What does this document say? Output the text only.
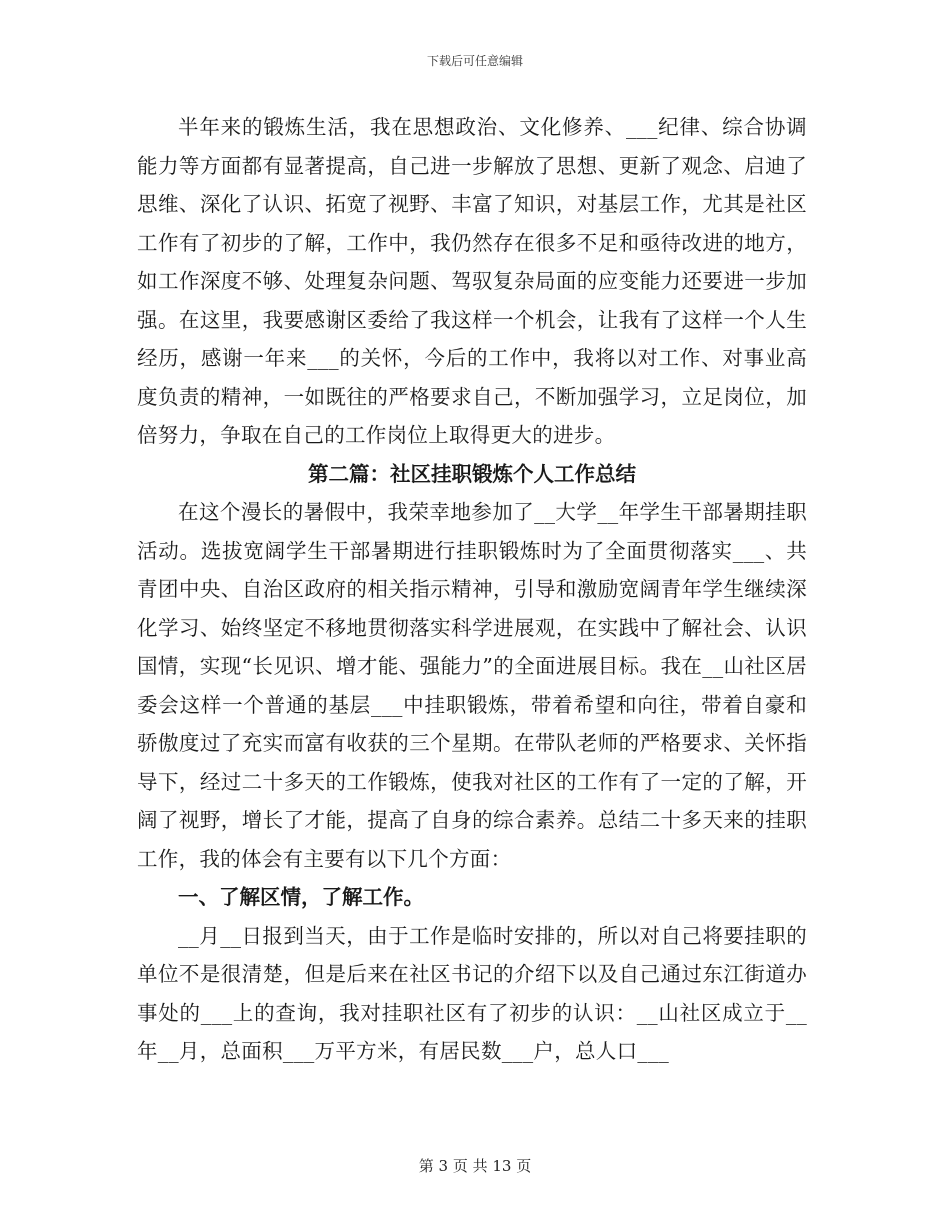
下载后可任意编辑

半年来的锻炼生活，我在思想政治、文化修养、___纪律、综合协调能力等方面都有显著提高，自己进一步解放了思想、更新了观念、启迪了思维、深化了认识、拓宽了视野、丰富了知识，对基层工作，尤其是社区工作有了初步的了解，工作中，我仍然存在很多不足和亟待改进的地方，如工作深度不够、处理复杂问题、驾驭复杂局面的应变能力还要进一步加强。在这里，我要感谢区委给了我这样一个机会，让我有了这样一个人生经历，感谢一年来___的关怀，今后的工作中，我将以对工作、对事业高度负责的精神，一如既往的严格要求自己，不断加强学习，立足岗位，加倍努力，争取在自己的工作岗位上取得更大的进步。

第二篇：社区挂职锻炼个人工作总结

在这个漫长的暑假中，我荣幸地参加了__大学__年学生干部暑期挂职活动。选拔宽阔学生干部暑期进行挂职锻炼时为了全面贯彻落实___、共青团中央、自治区政府的相关指示精神，引导和激励宽阔青年学生继续深化学习、始终坚定不移地贯彻落实科学进展观，在实践中了解社会、认识国情，实现“长见识、增才能、强能力”的全面进展目标。我在__山社区居委会这样一个普通的基层___中挂职锻炼，带着希望和向往，带着自豪和骄傲度过了充实而富有收获的三个星期。在带队老师的严格要求、关怀指导下，经过二十多天的工作锻炼，使我对社区的工作有了一定的了解，开阔了视野，增长了才能，提高了自身的综合素养。总结二十多天来的挂职工作，我的体会有主要有以下几个方面：

一、了解区情，了解工作。

__月__日报到当天，由于工作是临时安排的，所以对自己将要挂职的单位不是很清楚，但是后来在社区书记的介绍下以及自己通过东江街道办事处的___上的查询，我对挂职社区有了初步的认识：__山社区成立于__年__月，总面积___万平方米，有居民数___户，总人口___

第 3 页 共 13 页
